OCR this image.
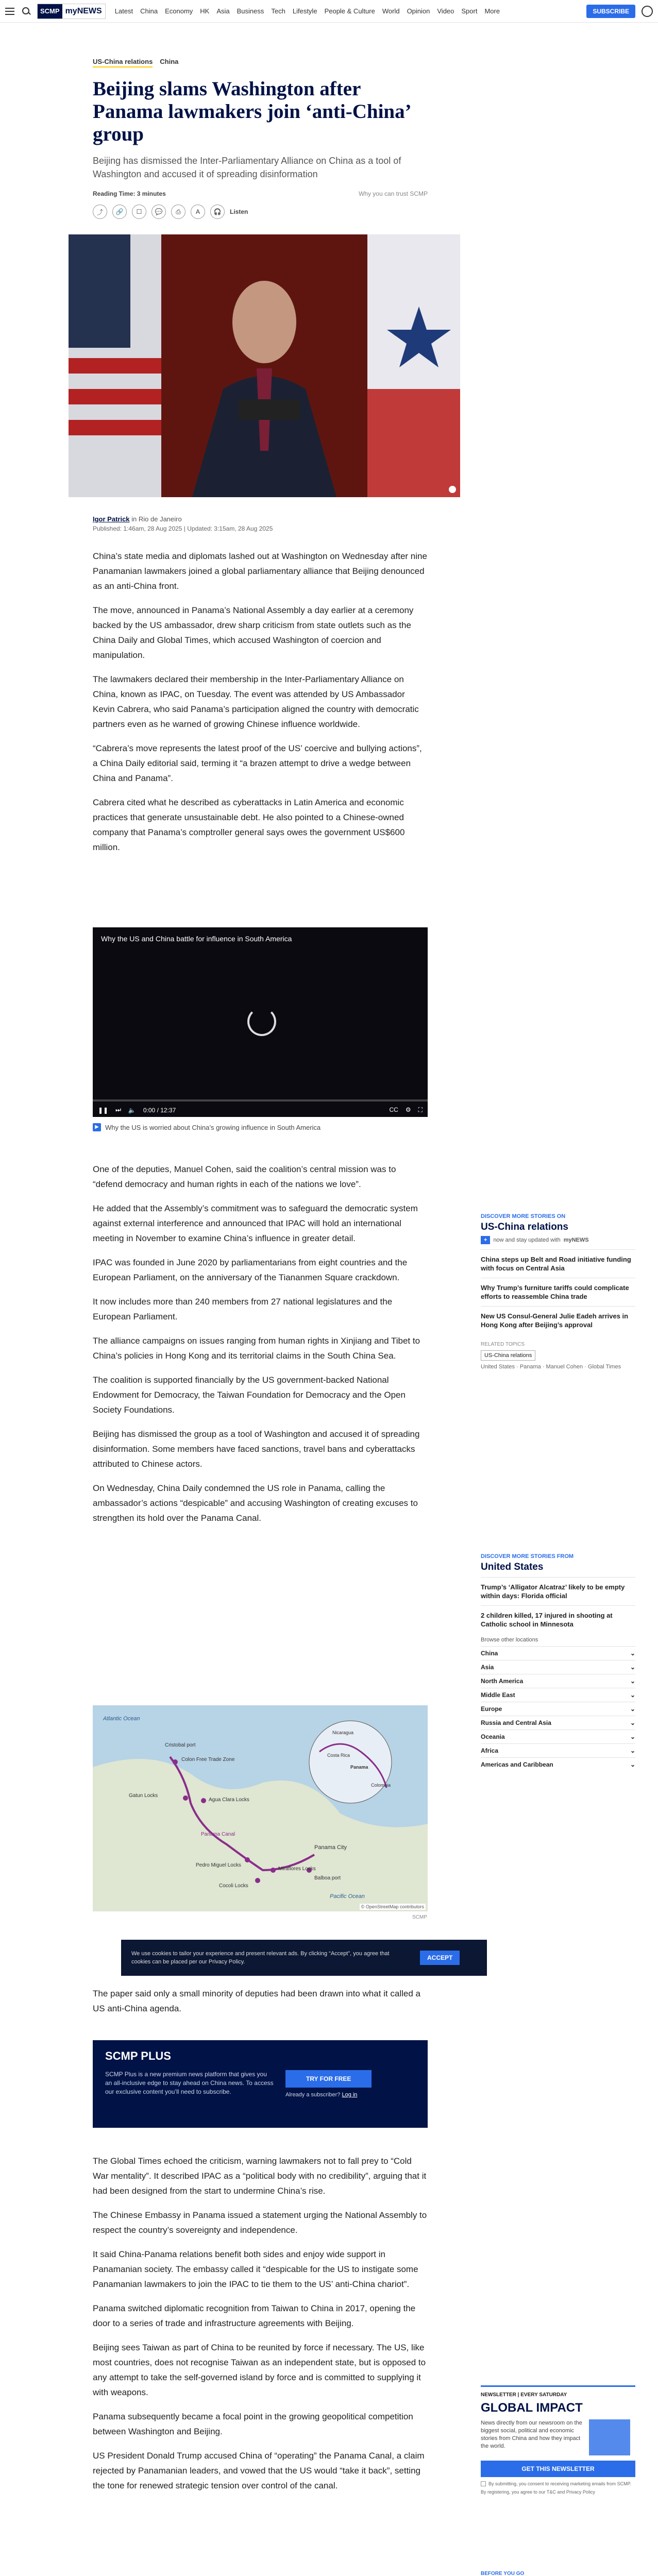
SCMP myNEWS	Latest China Economy HK Asia Business Tech Lifestyle People & Culture World Opinion Video Sport More	SUBSCRIBE
US-China relations China
Beijing slams Washington after Panama lawmakers join ‘anti-China’ group

Beijing has dismissed the Inter-Parliamentary Alliance on China as a tool of Washington and accused it of spreading disinformation

Reading Time: 3 minutes	Why you can trust SCMP
⤴	🔗	☐	💬	⎙	A	🎧	Listen
Igor Patrick in Rio de Janeiro
Published: 1:46am, 28 Aug 2025 | Updated: 3:15am, 28 Aug 2025

China’s state media and diplomats lashed out at Washington on Wednesday after nine Panamanian lawmakers joined a global parliamentary alliance that Beijing denounced as an anti-China front.

The move, announced in Panama’s National Assembly a day earlier at a ceremony backed by the US ambassador, drew sharp criticism from state outlets such as the China Daily and Global Times, which accused Washington of coercion and manipulation.

The lawmakers declared their membership in the Inter-Parliamentary Alliance on China, known as IPAC, on Tuesday. The event was attended by US Ambassador Kevin Cabrera, who said Panama’s participation aligned the country with democratic partners even as he warned of growing Chinese influence worldwide.

“Cabrera’s move represents the latest proof of the US’ coercive and bullying actions”, a China Daily editorial said, terming it “a brazen attempt to drive a wedge between China and Panama”.

Cabrera cited what he described as cyberattacks in Latin America and economic practices that generate unsustainable debt. He also pointed to a Chinese-owned company that Panama’s comptroller general says owes the government US$600 million.

Why the US and China battle for influence in South America
❚❚ ⏭ 🔈 0:00 / 12:37	CC ⚙ ⛶
▶ Why the US is worried about China’s growing influence in South America

One of the deputies, Manuel Cohen, said the coalition’s central mission was to “defend democracy and human rights in each of the nations we love”.

He added that the Assembly’s commitment was to safeguard the democratic system against external interference and announced that IPAC will hold an international meeting in November to examine China’s influence in greater detail.

IPAC was founded in June 2020 by parliamentarians from eight countries and the European Parliament, on the anniversary of the Tiananmen Square crackdown.

It now includes more than 240 members from 27 national legislatures and the European Parliament.

The alliance campaigns on issues ranging from human rights in Xinjiang and Tibet to China’s policies in Hong Kong and its territorial claims in the South China Sea.

The coalition is supported financially by the US government-backed National Endowment for Democracy, the Taiwan Foundation for Democracy and the Open Society Foundations.

Beijing has dismissed the group as a tool of Washington and accused it of spreading disinformation. Some members have faced sanctions, travel bans and cyberattacks attributed to Chinese actors.

On Wednesday, China Daily condemned the US role in Panama, calling the ambassador’s actions “despicable” and accusing Washington of creating excuses to strengthen its hold over the Panama Canal.

DISCOVER MORE STORIES ON
US-China relations
+	now and stay updated with myNEWS
China steps up Belt and Road initiative funding with focus on Central Asia
Why Trump’s furniture tariffs could complicate efforts to reassemble China trade
New US Consul-General Julie Eadeh arrives in Hong Kong after Beijing’s approval
RELATED TOPICS
US-China relations
United States · Panama · Manuel Cohen · Global Times
DISCOVER MORE STORIES FROM
United States
Trump’s ‘Alligator Alcatraz’ likely to be empty within days: Florida official
2 children killed, 17 injured in shooting at Catholic school in Minnesota
Browse other locations
China	⌄
Asia	⌄
North America	⌄
Middle East	⌄
Europe	⌄
Russia and Central Asia	⌄
Oceania	⌄
Africa	⌄
Americas and Caribbean	⌄
Colon Free Trade Zone
Cristobal port
Gatun Locks
Agua Clara Locks
Panama Canal
Pedro Miguel Locks
Miraflores Locks
Cocoli Locks
Balboa port
Panama City
Pacific Ocean
Atlantic Ocean
Nicaragua
Costa Rica
Panama
Colombia
© OpenStreetMap contributors
SCMP
We use cookies to tailor your experience and present relevant ads. By clicking “Accept”, you agree that cookies can be placed per our Privacy Policy.
ACCEPT

The paper said only a small minority of deputies had been drawn into what it called a US anti-China agenda.

SCMP PLUS
SCMP Plus is a new premium news platform that gives you an all-inclusive edge to stay ahead on China news. To access our exclusive content you’ll need to subscribe.
TRY FOR FREE
Already a subscriber? Log in

The Global Times echoed the criticism, warning lawmakers not to fall prey to “Cold War mentality”. It described IPAC as a “political body with no credibility”, arguing that it had been designed from the start to undermine China’s rise.

The Chinese Embassy in Panama issued a statement urging the National Assembly to respect the country’s sovereignty and independence.

It said China-Panama relations benefit both sides and enjoy wide support in Panamanian society. The embassy called it “despicable for the US to instigate some Panamanian lawmakers to join the IPAC to tie them to the US’ anti-China chariot”.

Panama switched diplomatic recognition from Taiwan to China in 2017, opening the door to a series of trade and infrastructure agreements with Beijing.

Beijing sees Taiwan as part of China to be reunited by force if necessary. The US, like most countries, does not recognise Taiwan as an independent state, but is opposed to any attempt to take the self-governed island by force and is committed to supplying it with weapons.

Panama subsequently became a focal point in the growing geopolitical competition between Washington and Beijing.

US President Donald Trump accused China of “operating” the Panama Canal, a claim rejected by Panamanian leaders, and vowed that the US would “take it back”, setting the tone for renewed strategic tension over control of the canal.

NEWSLETTER | EVERY SATURDAY
GLOBAL IMPACT
News directly from our newsroom on the biggest social, political and economic stories from China and how they impact the world.
GET THIS NEWSLETTER
By submitting, you consent to receiving marketing emails from SCMP.
By registering, you agree to our T&C and Privacy Policy
BEFORE YOU GO
